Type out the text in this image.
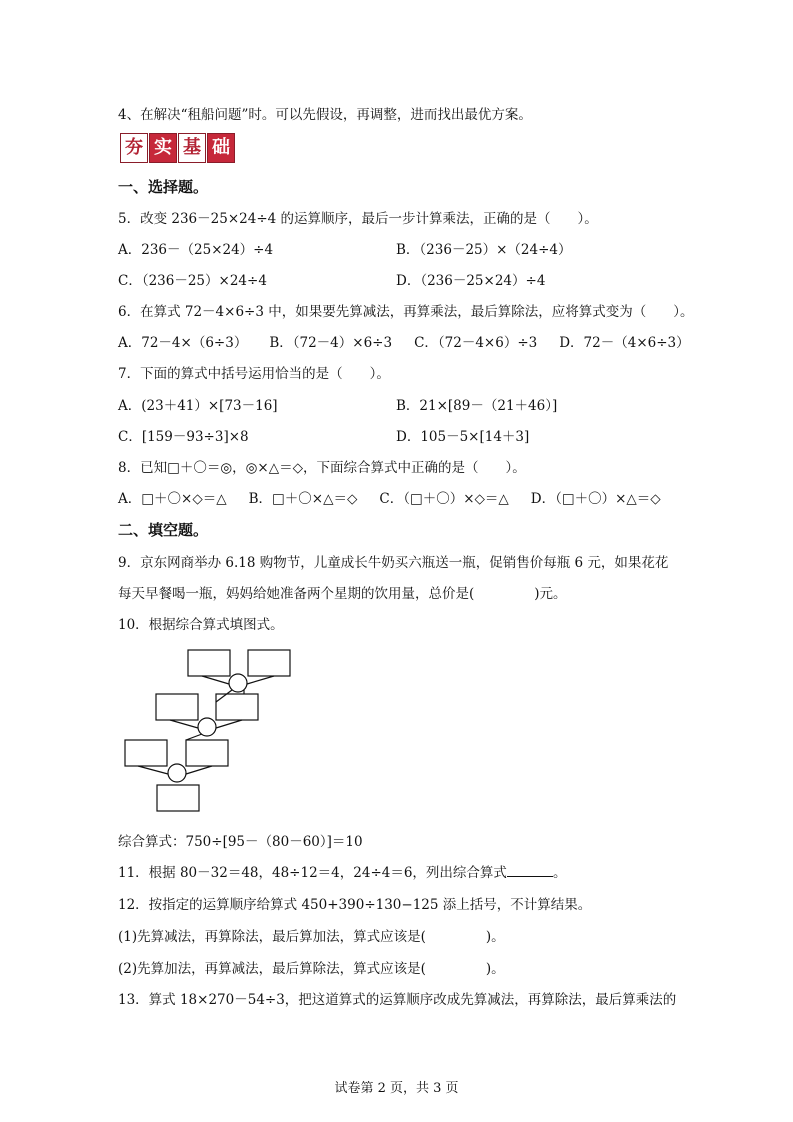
4、在解决“租船问题”时。可以先假设，再调整，进而找出最优方案。
夯 实 基 础
一、选择题。
5．改变 236－25×24÷4 的运算顺序，最后一步计算乘法，正确的是（　　）。
A．236－（25×24）÷4	B．（236－25）×（24÷4）
C．（236－25）×24÷4	D．（236－25×24）÷4
6．在算式 72－4×6÷3 中，如果要先算减法，再算乘法，最后算除法，应将算式变为（　　）。
A．72－4×（6÷3） B．（72－4）×6÷3 C．（72－4×6）÷3 D．72－（4×6÷3）
7．下面的算式中括号运用恰当的是（　　）。
A．(23＋41）×[73－16]	B．21×[89－（21＋46）]
C．[159－93÷3]×8	D．105－5×[14＋3]
8．已知□＋〇＝◎，◎×△＝◇，下面综合算式中正确的是（　　）。
A．□＋〇×◇＝△ B．□＋〇×△＝◇ C．（□＋〇）×◇＝△ D．（□＋〇）×△＝◇
二、填空题。
9．京东网商举办 6.18 购物节，儿童成长牛奶买六瓶送一瓶，促销售价每瓶 6 元，如果花花
每天早餐喝一瓶，妈妈给她准备两个星期的饮用量，总价是(	)元。
10．根据综合算式填图式。
综合算式：750÷[95－（80－60）]＝10
11．根据 80－32＝48，48÷12＝4，24÷4＝6，列出综合算式	。
12．按指定的运算顺序给算式 450+390÷130−125 添上括号，不计算结果。
(1)先算减法，再算除法，最后算加法，算式应该是(	)。
(2)先算加法，再算减法，最后算除法，算式应该是(	)。
13．算式 18×270－54÷3，把这道算式的运算顺序改成先算减法，再算除法，最后算乘法的
试卷第 2 页，共 3 页
